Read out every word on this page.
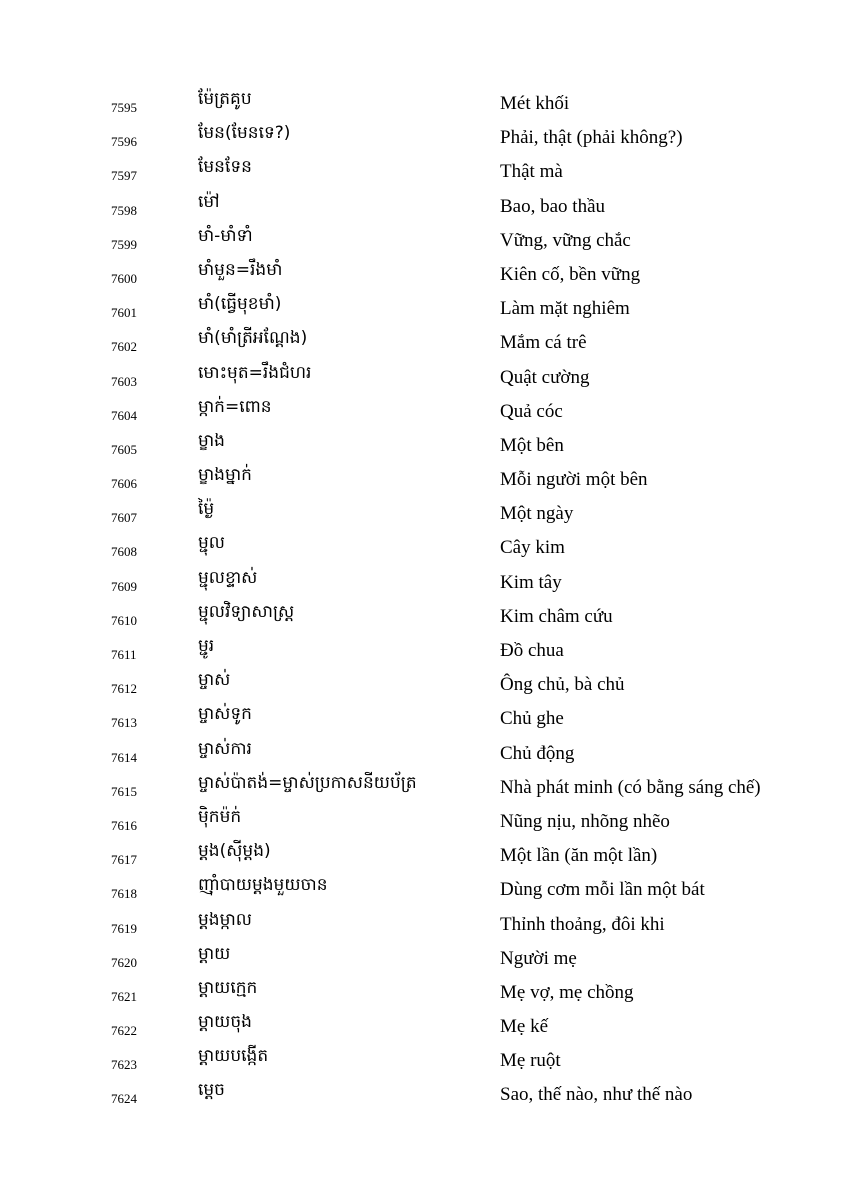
7595	ម៉ែត្រគូប	Mét khối
7596	មែន(មែនទេ?)	Phải, thật (phải không?)
7597	មែនទែន	Thật mà
7598	ម៉ៅ	Bao, bao thầu
7599	មាំ-មាំទាំ	Vững, vững chắc
7600	មាំមួន=រឹងមាំ	Kiên cố, bền vững
7601	មាំ(ធ្វើមុខមាំ)	Làm mặt nghiêm
7602	មាំ(មាំត្រីអណ្ដែង)	Mắm cá trê
7603	មោះមុត=រឹងជំហរ	Quật cường
7604	ម្កាក់=ពោន	Quả cóc
7605	ម្ខាង	Một bên
7606	ម្ខាងម្នាក់	Mỗi người một bên
7607	ម៉្ងៃ	Một ngày
7608	ម្ជុល	Cây kim
7609	ម្ជុលខ្ទាស់	Kim tây
7610	ម្ជុលវិទ្យាសាស្ត្រ	Kim châm cứu
7611	ម្ជូរ	Đồ chua
7612	ម្ចាស់	Ông chủ, bà chủ
7613	ម្ចាស់ទូក	Chủ ghe
7614	ម្ចាស់ការ	Chủ động
7615	ម្ចាស់ប៉ាតង់=ម្ចាស់ប្រកាសនីយប័ត្រ	Nhà phát minh (có bằng sáng chế)
7616	ម៉ិកម៉ក់	Nũng nịu, nhõng nhẽo
7617	ម្ដង(ស៊ីម្ដង)	Một lần (ăn một lần)
7618	ញ៉ាំបាយម្ដងមួយចាន	Dùng cơm mỗi lần một bát
7619	ម្ដងម្កាល	Thỉnh thoảng, đôi khi
7620	ម្ដាយ	Người mẹ
7621	ម្ដាយក្មេក	Mẹ vợ, mẹ chồng
7622	ម្ដាយចុង	Mẹ kế
7623	ម្ដាយបង្កើត	Mẹ ruột
7624	ម្ដេច	Sao, thế nào, như thế nào
